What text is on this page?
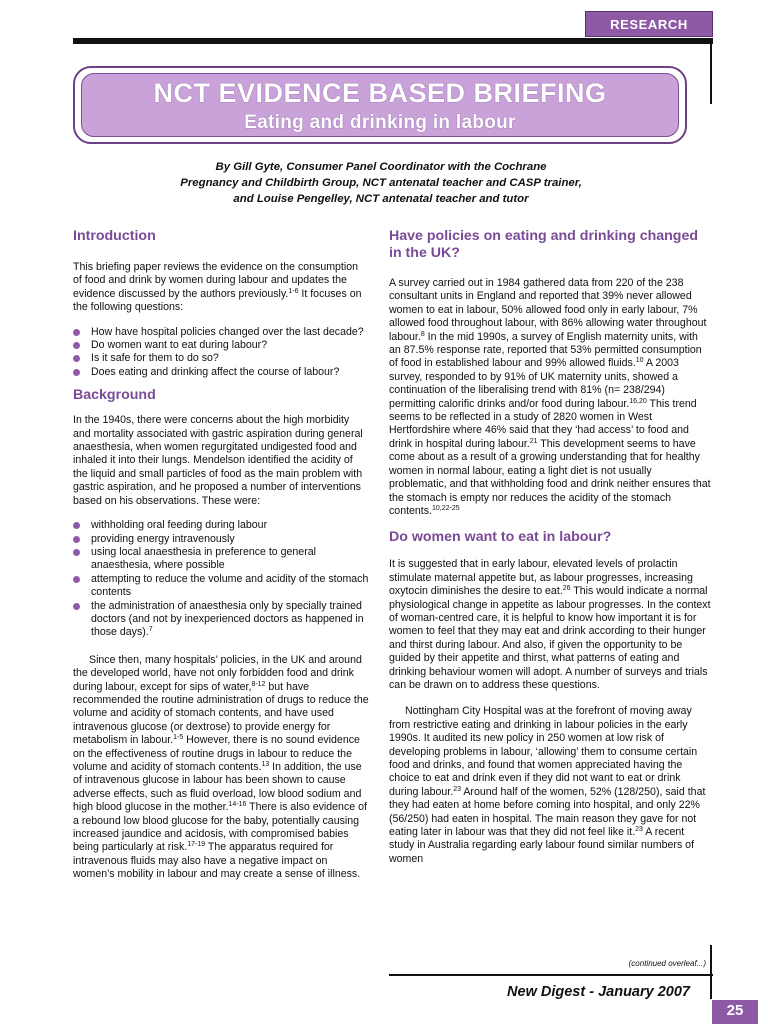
RESEARCH
NCT EVIDENCE BASED BRIEFING
Eating and drinking in labour
By Gill Gyte, Consumer Panel Coordinator with the Cochrane
Pregnancy and Childbirth Group, NCT antenatal teacher and CASP trainer,
and Louise Pengelley, NCT antenatal teacher and tutor
Introduction

This briefing paper reviews the evidence on the consumption of food and drink by women during labour and updates the evidence discussed by the authors previously.$^{1-6}$ It focuses on the following questions:

How have hospital policies changed over the last decade?
Do women want to eat during labour?
Is it safe for them to do so?
Does eating and drinking affect the course of labour?
Background

In the 1940s, there were concerns about the high morbidity and mortality associated with gastric aspiration during general anaesthesia, when women regurgitated undigested food and inhaled it into their lungs. Mendelson identified the acidity of the liquid and small particles of food as the main problem with gastric aspiration, and he proposed a number of interventions based on his observations. These were:

withholding oral feeding during labour
providing energy intravenously
using local anaesthesia in preference to general anaesthesia, where possible
attempting to reduce the volume and acidity of the stomach contents
the administration of anaesthesia only by specially trained doctors (and not by inexperienced doctors as happened in those days).$^7$

Since then, many hospitals’ policies, in the UK and around the developed world, have not only forbidden food and drink during labour, except for sips of water,$^{8-12}$ but have recommended the routine administration of drugs to reduce the volume and acidity of stomach contents, and have used intravenous glucose (or dextrose) to provide energy for metabolism in labour.$^{1-5}$ However, there is no sound evidence on the effectiveness of routine drugs in labour to reduce the volume and acidity of stomach contents.$^{13}$ In addition, the use of intravenous glucose in labour has been shown to cause adverse effects, such as fluid overload, low blood sodium and high blood glucose in the mother.$^{14-16}$ There is also evidence of a rebound low blood glucose for the baby, potentially causing increased jaundice and acidosis, with compromised babies being particularly at risk.$^{17-19}$ The apparatus required for intravenous fluids may also have a negative impact on women’s mobility in labour and may create a sense of illness.

Have policies on eating and drinking changed in the UK?

A survey carried out in 1984 gathered data from 220 of the 238 consultant units in England and reported that 39% never allowed women to eat in labour, 50% allowed food only in early labour, 7% allowed food throughout labour, with 86% allowing water throughout labour.$^8$ In the mid 1990s, a survey of English maternity units, with an 87.5% response rate, reported that 53% permitted consumption of food in established labour and 99% allowed fluids.$^{10}$ A 2003 survey, responded to by 91% of UK maternity units, showed a continuation of the liberalising trend with 81% (n= 238/294) permitting calorific drinks and/or food during labour.$^{16,20}$ This trend seems to be reflected in a study of 2820 women in West Hertfordshire where 46% said that they ‘had access’ to food and drink in hospital during labour.$^{21}$ This development seems to have come about as a result of a growing understanding that for healthy women in normal labour, eating a light diet is not usually problematic, and that withholding food and drink neither ensures that the stomach is empty nor reduces the acidity of the stomach contents.$^{10,22-25}$

Do women want to eat in labour?

It is suggested that in early labour, elevated levels of prolactin stimulate maternal appetite but, as labour progresses, increasing oxytocin diminishes the desire to eat.$^{26}$ This would indicate a normal physiological change in appetite as labour progresses. In the context of woman-centred care, it is helpful to know how important it is for women to feel that they may eat and drink according to their hunger and thirst during labour. And also, if given the opportunity to be guided by their appetite and thirst, what patterns of eating and drinking behaviour women will adopt. A number of surveys and trials can be drawn on to address these questions.

Nottingham City Hospital was at the forefront of moving away from restrictive eating and drinking in labour policies in the early 1990s. It audited its new policy in 250 women at low risk of developing problems in labour, ‘allowing’ them to consume certain food and drinks, and found that women appreciated having the choice to eat and drink even if they did not want to eat or drink during labour.$^{23}$ Around half of the women, 52% (128/250), said that they had eaten at home before coming into hospital, and only 22% (56/250) had eaten in hospital. The main reason they gave for not eating later in labour was that they did not feel like it.$^{23}$ A recent study in Australia regarding early labour found similar numbers of women

(continued overleaf...)
New Digest - January 2007
25
